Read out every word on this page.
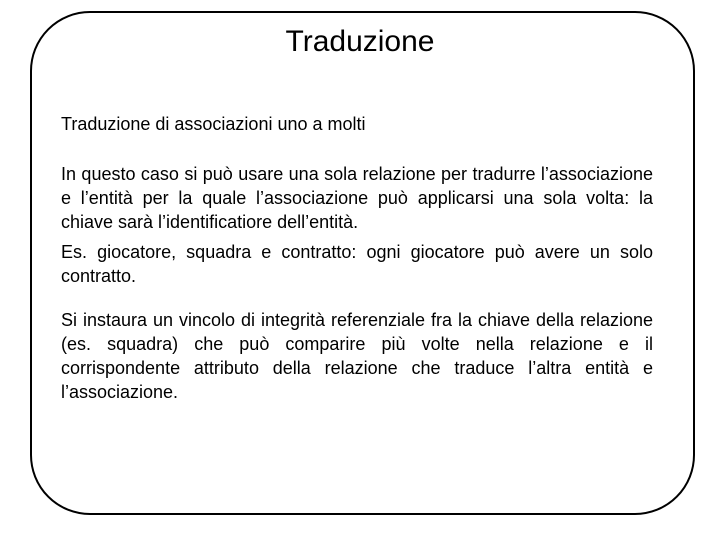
Traduzione

Traduzione di associazioni uno a molti

In questo caso si può usare una sola relazione per tradurre l’associazione e l’entità per la quale l’associazione può applicarsi una sola volta: la chiave sarà l’identificatiore dell’entità.

Es. giocatore, squadra e contratto: ogni giocatore può avere un solo contratto.

Si instaura un vincolo di integrità referenziale fra la chiave della relazione (es. squadra) che può comparire più volte nella relazione e il corrispondente attributo della relazione che traduce l’altra entità e l’associazione.
